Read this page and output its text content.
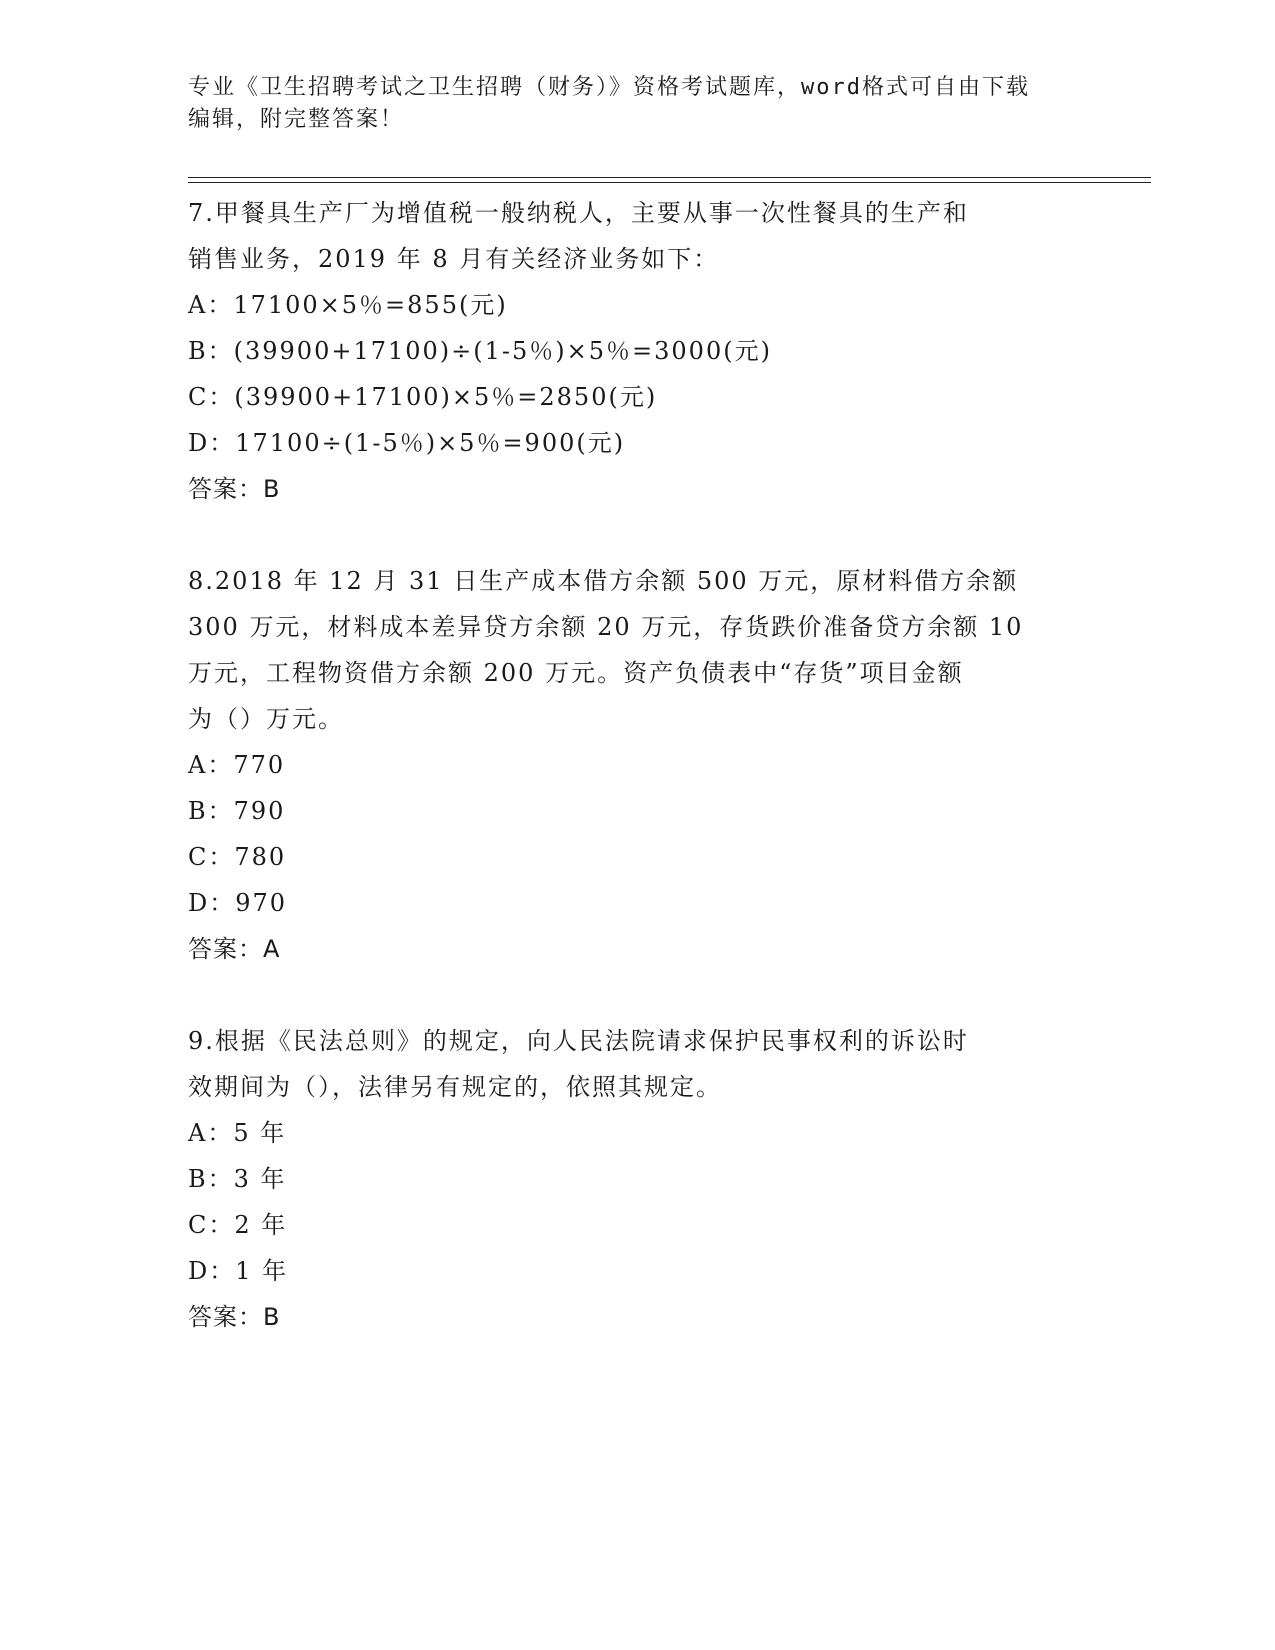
专业《卫生招聘考试之卫生招聘（财务）》资格考试题库，word格式可自由下载
编辑，附完整答案！

7.甲餐具生产厂为增值税一般纳税人，主要从事一次性餐具的生产和

销售业务，2019 年 8 月有关经济业务如下：

A：17100×5％=855(元)

B：(39900+17100)÷(1-5％)×5％=3000(元)

C：(39900+17100)×5％=2850(元)

D：17100÷(1-5％)×5％=900(元)

答案：B

8.2018 年 12 月 31 日生产成本借方余额 500 万元，原材料借方余额

300 万元，材料成本差异贷方余额 20 万元，存货跌价准备贷方余额 10

万元，工程物资借方余额 200 万元。资产负债表中“存货”项目金额

为（）万元。

A：770

B：790

C：780

D：970

答案：A

9.根据《民法总则》的规定，向人民法院请求保护民事权利的诉讼时

效期间为（），法律另有规定的，依照其规定。

A：5 年

B：3 年

C：2 年

D：1 年

答案：B
